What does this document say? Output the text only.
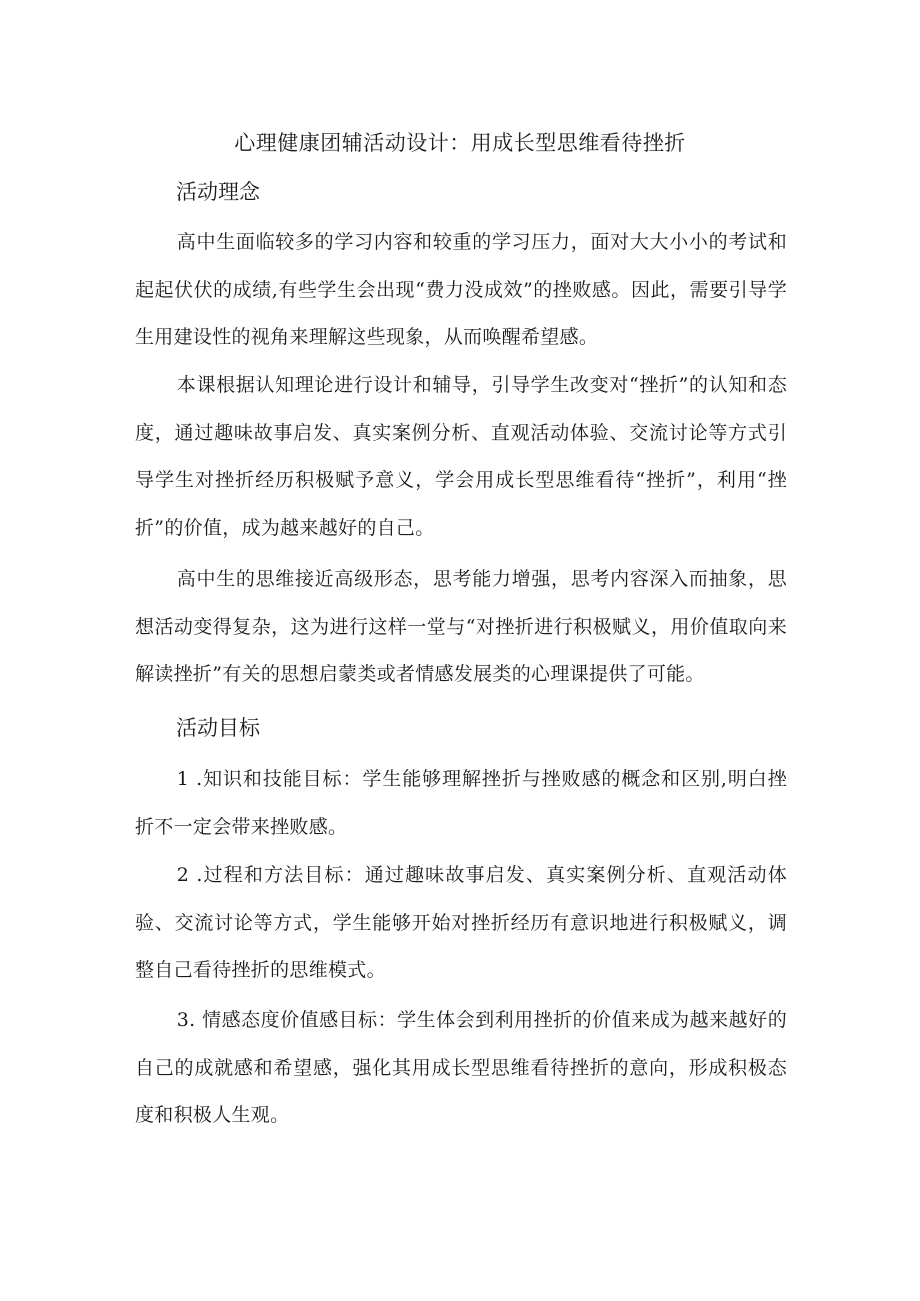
心理健康团辅活动设计：用成长型思维看待挫折
活动理念
高中生面临较多的学习内容和较重的学习压力，面对大大小小的考试和起起伏伏的成绩,有些学生会出现“费力没成效”的挫败感。因此，需要引导学生用建设性的视角来理解这些现象，从而唤醒希望感。
本课根据认知理论进行设计和辅导，引导学生改变对“挫折”的认知和态度，通过趣味故事启发、真实案例分析、直观活动体验、交流讨论等方式引导学生对挫折经历积极赋予意义，学会用成长型思维看待“挫折”，利用“挫折”的价值，成为越来越好的自己。
高中生的思维接近高级形态，思考能力增强，思考内容深入而抽象，思想活动变得复杂，这为进行这样一堂与“对挫折进行积极赋义，用价值取向来解读挫折”有关的思想启蒙类或者情感发展类的心理课提供了可能。
活动目标
1 .知识和技能目标：学生能够理解挫折与挫败感的概念和区别,明白挫折不一定会带来挫败感。
2 .过程和方法目标：通过趣味故事启发、真实案例分析、直观活动体验、交流讨论等方式，学生能够开始对挫折经历有意识地进行积极赋义，调整自己看待挫折的思维模式。
3. 情感态度价值感目标：学生体会到利用挫折的价值来成为越来越好的自己的成就感和希望感，强化其用成长型思维看待挫折的意向，形成积极态度和积极人生观。
